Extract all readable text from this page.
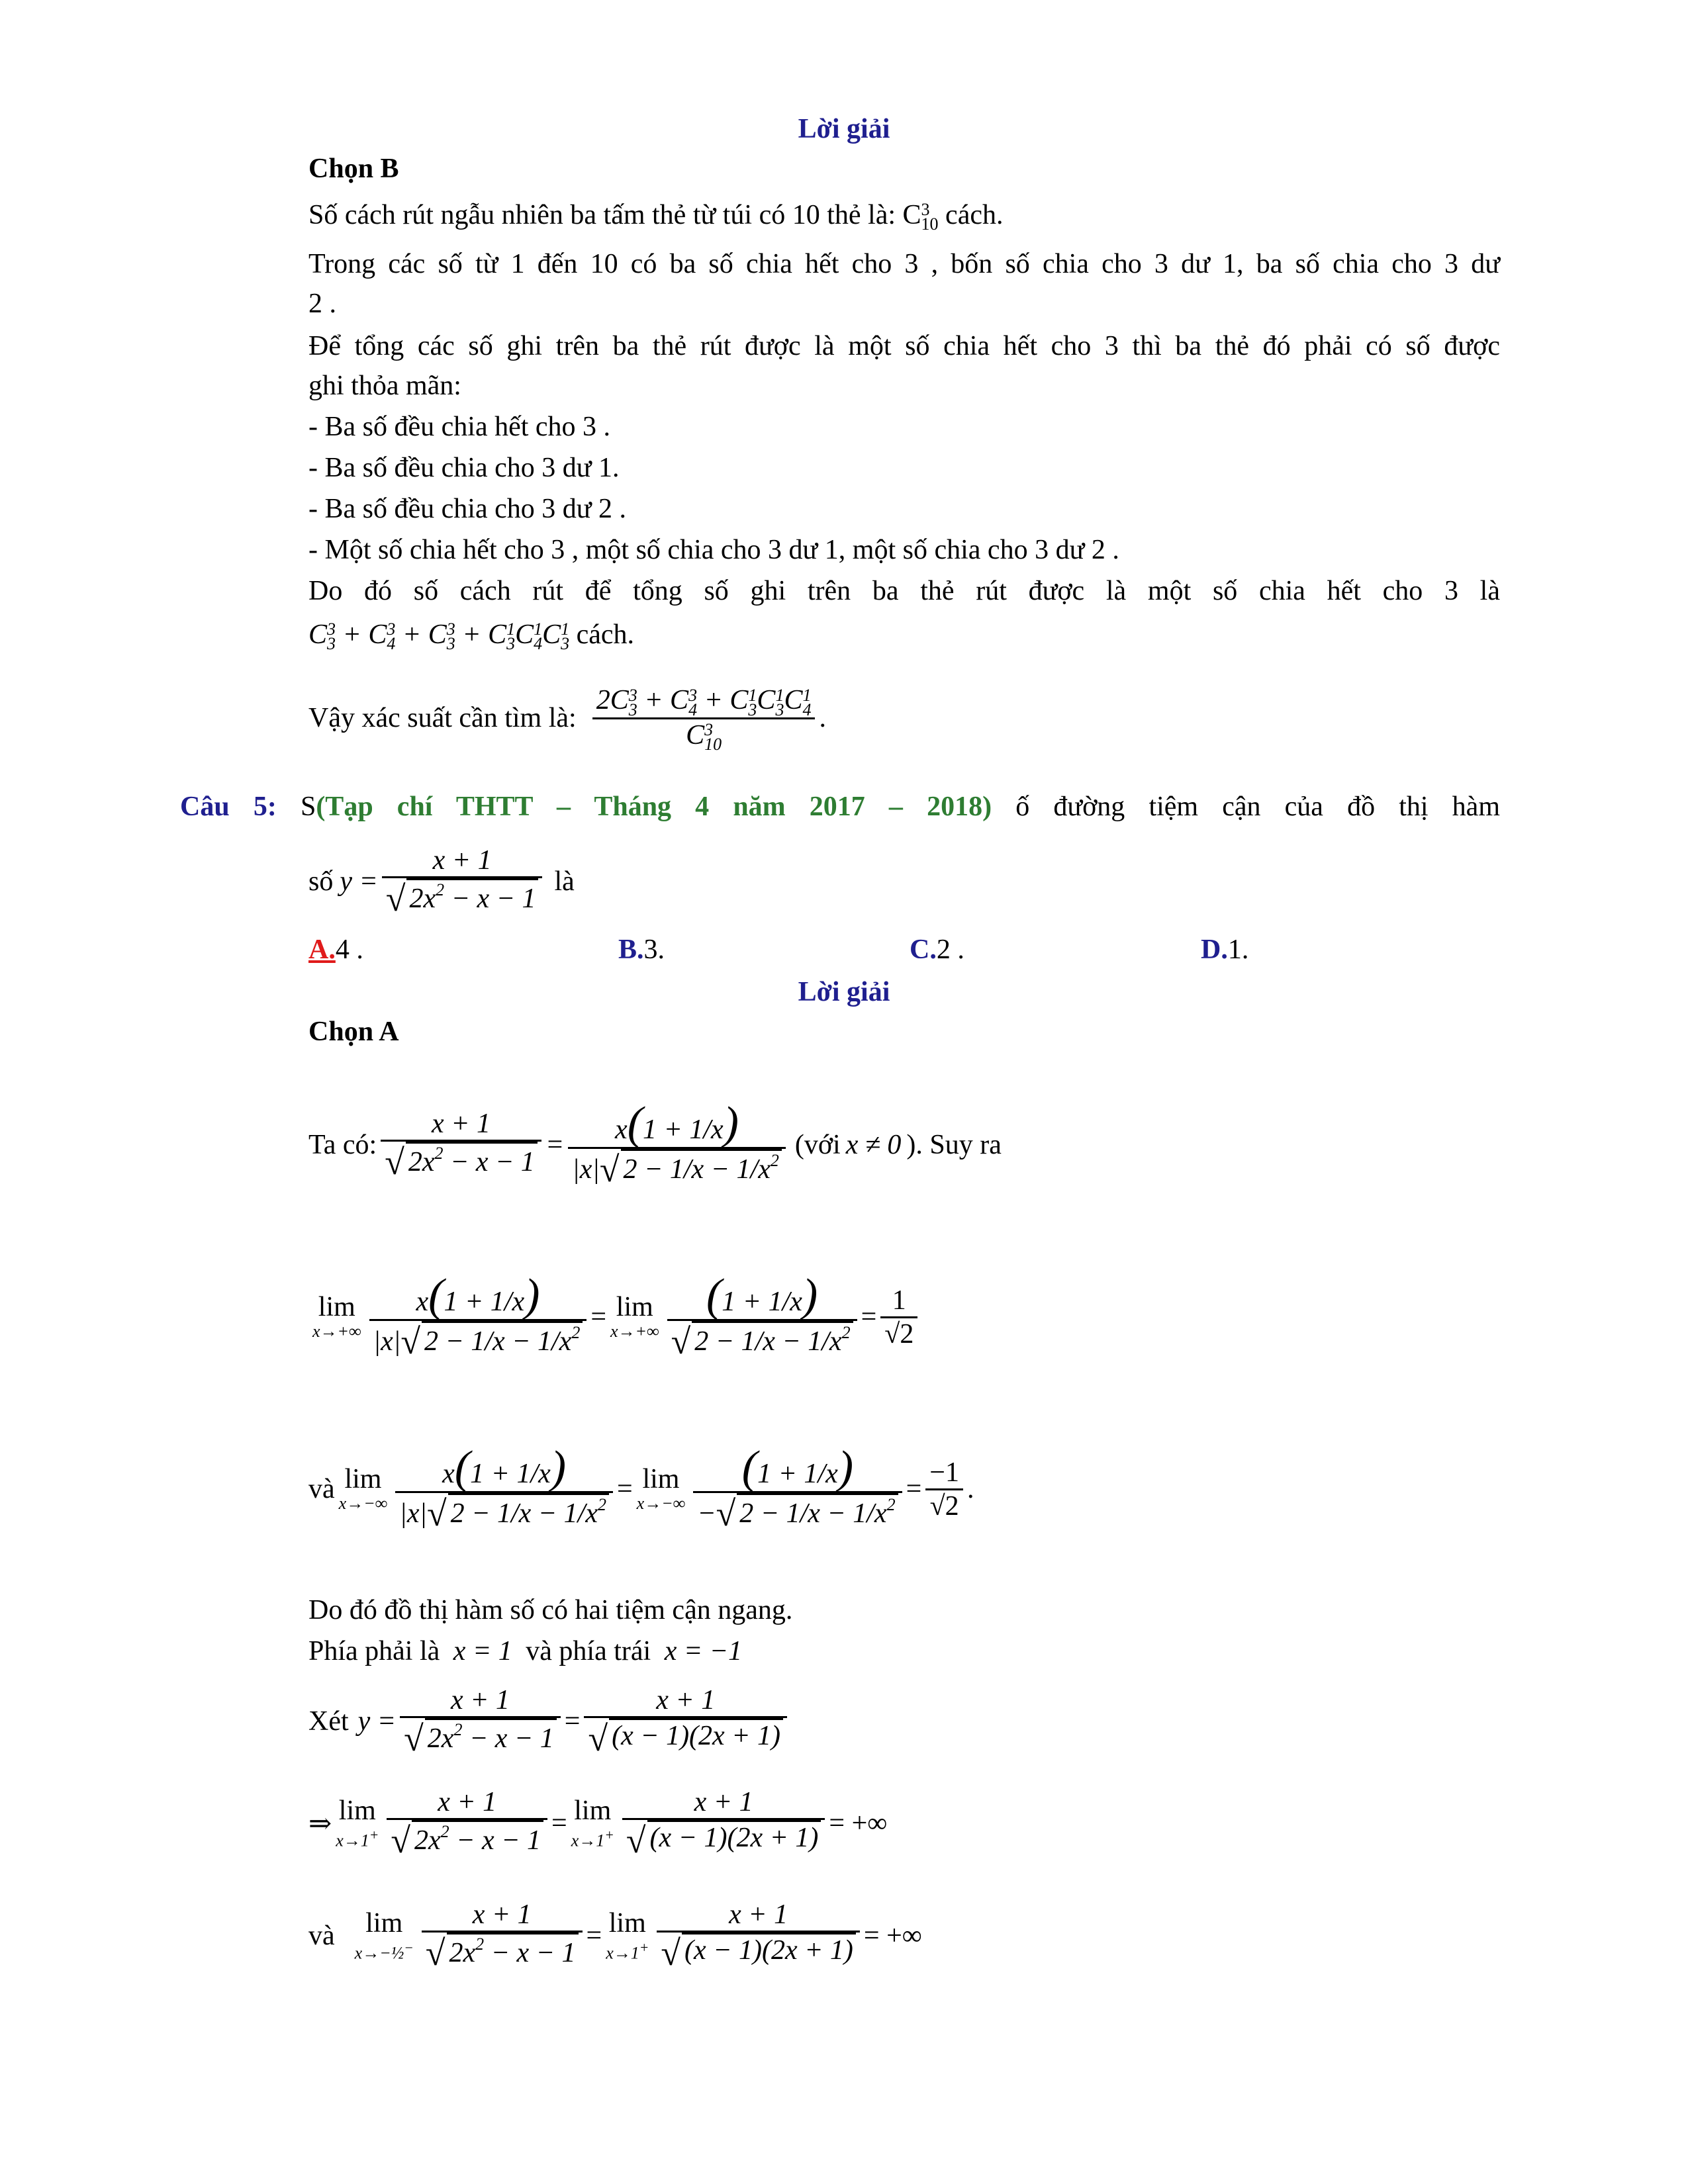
Lời giải
Chọn B
Số cách rút ngẫu nhiên ba tấm thẻ từ túi có 10 thẻ là: C 3
10 cách.
Trong các số từ 1 đến 10 có ba số chia hết cho 3 , bốn số chia cho 3 dư 1, ba số chia cho 3 dư
2 .
Để tổng các số ghi trên ba thẻ rút được là một số chia hết cho 3 thì ba thẻ đó phải có số được
ghi thỏa mãn:
- Ba số đều chia hết cho 3 .
- Ba số đều chia cho 3 dư 1.
- Ba số đều chia cho 3 dư 2 .
- Một số chia hết cho 3 , một số chia cho 3 dư 1, một số chia cho 3 dư 2 .
Do đó số cách rút để tổng số ghi trên ba thẻ rút được là một số chia hết cho 3 là
C 3
3 + C 3
4 + C 3
3 + C 1
3 C 1
4 C 1
3 cách.
Vậy xác suất cần tìm là: 2C 3
3 + C 3
4 + C 1
3 C 1
3 C 1
4
C 3
10 .
Câu 5: S(Tạp chí THTT – Tháng 4 năm 2017 – 2018) ố đường tiệm cận của đồ thị hàm
số $y = \frac{x + 1}{√ 2x^2 - x - 1}$ là
A.4 .	B.3.	C.2 .	D.1.
Lời giải
Chọn A
Ta có: $\frac{x + 1}{√ 2x^2 - x - 1} = \frac{x(1 + 1/x)}{|x|√ 2 - 1/x - 1/x^2}$ (với x ≠ 0 ). Suy ra
lim
$x\to+\infty \frac{x(1 + 1/x)}{|x|√ 2 - 1/x - 1/x^2} = \lim$
$x\to+\infty \frac{(1 + 1/x)}{√ 2 - 1/x - 1/x^2} = \frac{1}{√2}$
và lim
$x\to-\infty \frac{x(1 + 1/x)}{|x|√ 2 - 1/x - 1/x^2} = \lim$
$x\to-\infty \frac{(1 + 1/x)}{-√ 2 - 1/x - 1/x^2} = \frac{-1}{√2}$ .
Do đó đồ thị hàm số có hai tiệm cận ngang.
Phía phải là x = 1 và phía trái x = −1
Xét $y = \frac{x + 1}{√ 2x^2 - x - 1} = \frac{x + 1}{√ (x - 1)(2x + 1)}$
⇒ lim
$x\to 1^+ \frac{x + 1}{√ 2x^2 - x - 1} = \lim$
$x\to 1^+ \frac{x + 1}{√ (x - 1)(2x + 1)}$ = +∞
và	lim
x→−½− $\frac{x + 1}{√ 2x^2 - x - 1} = \lim$
$x\to 1^+ \frac{x + 1}{√ (x - 1)(2x + 1)}$ = +∞
